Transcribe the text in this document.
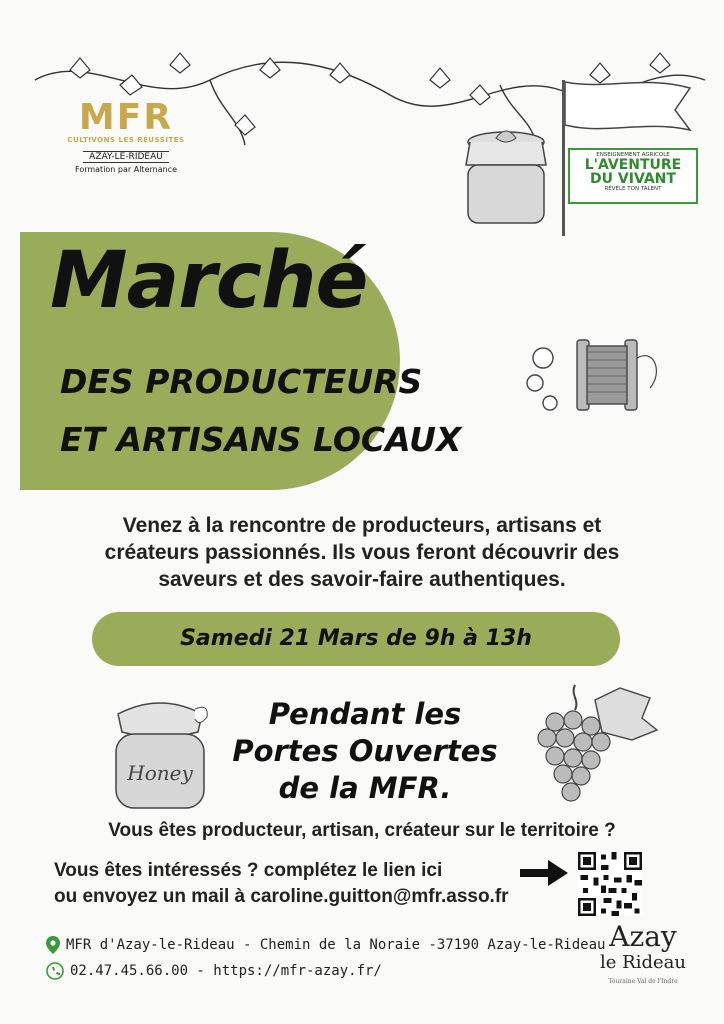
MFR
CULTIVONS LES RÉUSSITES
AZAY-LE-RIDEAU
Formation par Alternance
ENSEIGNEMENT AGRICOLE
L'AVENTURE
DU VIVANT
RÉVÈLE TON TALENT
Marché
DES PRODUCTEURS
ET ARTISANS LOCAUX
Venez à la rencontre de producteurs, artisans et
créateurs passionnés. Ils vous feront découvrir des
saveurs et des savoir-faire authentiques.
Samedi 21 Mars de 9h à 13h
Honey
Pendant les
Portes Ouvertes
de la MFR.
Vous êtes producteur, artisan, créateur sur le territoire ?
Vous êtes intéressés ? complétez le lien ici
ou envoyez un mail à caroline.guitton@mfr.asso.fr
MFR d'Azay-le-Rideau - Chemin de la Noraie -37190 Azay-le-Rideau
02.47.45.66.00 - https://mfr-azay.fr/
Azay
le Rideau
Touraine Val de l'Indre
